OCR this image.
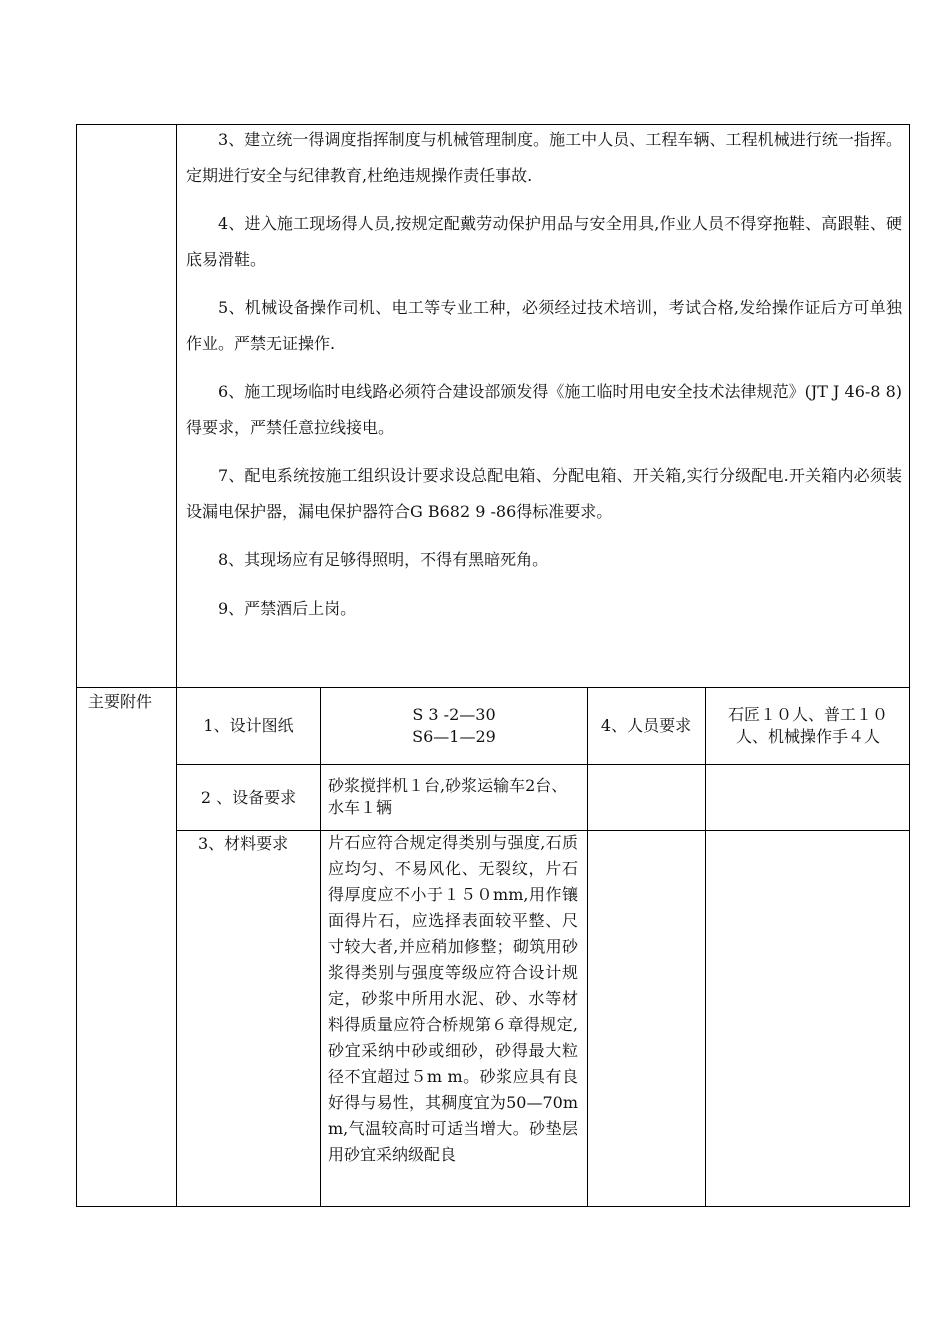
3、建立统一得调度指挥制度与机械管理制度。施工中人员、工程车辆、工程机械进行统一指挥。定期进行安全与纪律教育,杜绝违规操作责任事故.
4、进入施工现场得人员,按规定配戴劳动保护用品与安全用具,作业人员不得穿拖鞋、高跟鞋、硬底易滑鞋。
5、机械设备操作司机、电工等专业工种，必须经过技术培训，考试合格,发给操作证后方可单独作业。严禁无证操作.
6、施工现场临时电线路必须符合建设部颁发得《施工临时用电安全技术法律规范》(JT J 46-8 8)得要求，严禁任意拉线接电。
7、配电系统按施工组织设计要求设总配电箱、分配电箱、开关箱,实行分级配电.开关箱内必须装设漏电保护器，漏电保护器符合G B682 9 -86得标准要求。
8、其现场应有足够得照明，不得有黑暗死角。
9、严禁酒后上岗。
主要附件
1、设计图纸
S 3 -2—30
S6—1—29
4、人员要求
石匠１０人、普工１０人、机械操作手４人
2 、设备要求
砂浆搅拌机１台,砂浆运输车2台、水车１辆
3、材料要求 片石应符合规定得类别与强度,石质应均匀、不易风化、无裂纹，片石得厚度应不小于１５０mm,用作镶面得片石，应选择表面较平整、尺寸较大者,并应稍加修整；砌筑用砂浆得类别与强度等级应符合设计规定，砂浆中所用水泥、砂、水等材料得质量应符合桥规第６章得规定,砂宜采纳中砂或细砂，砂得最大粒径不宜超过５m m。砂浆应具有良好得与易性，其稠度宜为50—70mm,气温较高时可适当增大。砂垫层用砂宜采纳级配良
